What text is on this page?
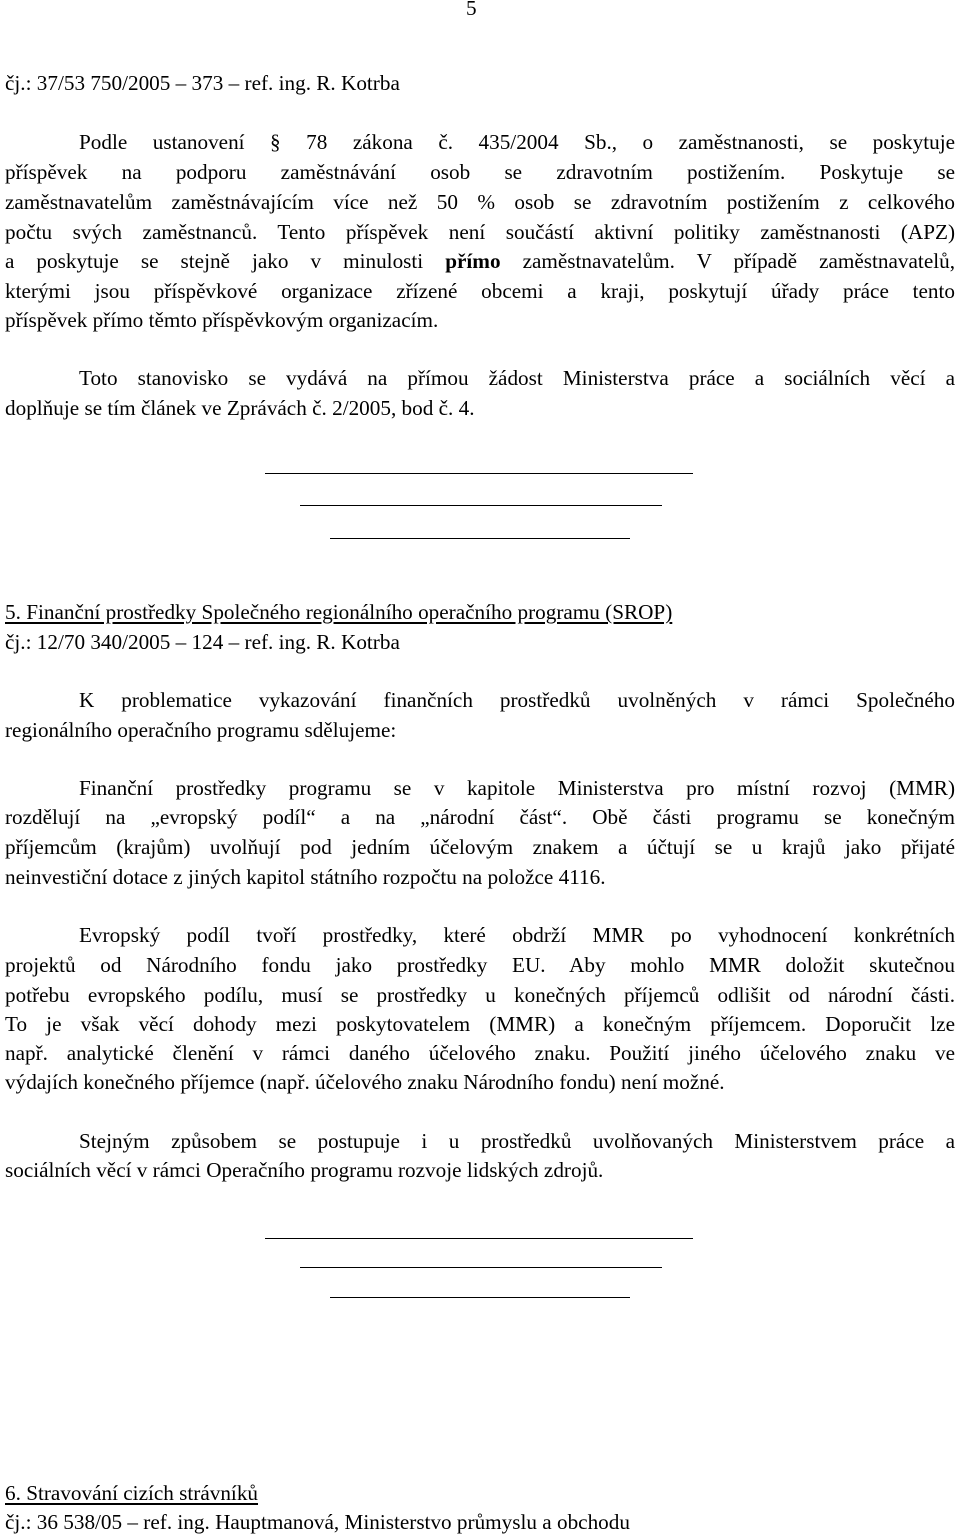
5
čj.: 37/53 750/2005 – 373 – ref. ing. R. Kotrba
Podle ustanovení § 78 zákona č. 435/2004 Sb., o zaměstnanosti, se poskytuje
příspěvek na podporu zaměstnávání osob se zdravotním postižením. Poskytuje se
zaměstnavatelům zaměstnávajícím více než 50 % osob se zdravotním postižením z celkového
počtu svých zaměstnanců. Tento příspěvek není součástí aktivní politiky zaměstnanosti (APZ)
a poskytuje se stejně jako v minulosti přímo zaměstnavatelům. V případě zaměstnavatelů,
kterými jsou příspěvkové organizace zřízené obcemi a kraji, poskytují úřady práce tento
příspěvek přímo těmto příspěvkovým organizacím.
Toto stanovisko se vydává na přímou žádost Ministerstva práce a sociálních věcí a
doplňuje se tím článek ve Zprávách č. 2/2005, bod č. 4.
5. Finanční prostředky Společného regionálního operačního programu (SROP)
čj.: 12/70 340/2005 – 124 – ref. ing. R. Kotrba
K problematice vykazování finančních prostředků uvolněných v rámci Společného
regionálního operačního programu sdělujeme:
Finanční prostředky programu se v kapitole Ministerstva pro místní rozvoj (MMR)
rozdělují na „evropský podíl“ a na „národní část“. Obě části programu se konečným
příjemcům (krajům) uvolňují pod jedním účelovým znakem a účtují se u krajů jako přijaté
neinvestiční dotace z jiných kapitol státního rozpočtu na položce 4116.
Evropský podíl tvoří prostředky, které obdrží MMR po vyhodnocení konkrétních
projektů od Národního fondu jako prostředky EU. Aby mohlo MMR doložit skutečnou
potřebu evropského podílu, musí se prostředky u konečných příjemců odlišit od národní části.
To je však věcí dohody mezi poskytovatelem (MMR) a konečným příjemcem. Doporučit lze
např. analytické členění v rámci daného účelového znaku. Použití jiného účelového znaku ve
výdajích konečného příjemce (např. účelového znaku Národního fondu) není možné.
Stejným způsobem se postupuje i u prostředků uvolňovaných Ministerstvem práce a
sociálních věcí v rámci Operačního programu rozvoje lidských zdrojů.
6. Stravování cizích strávníků
čj.: 36 538/05 – ref. ing. Hauptmanová, Ministerstvo průmyslu a obchodu
